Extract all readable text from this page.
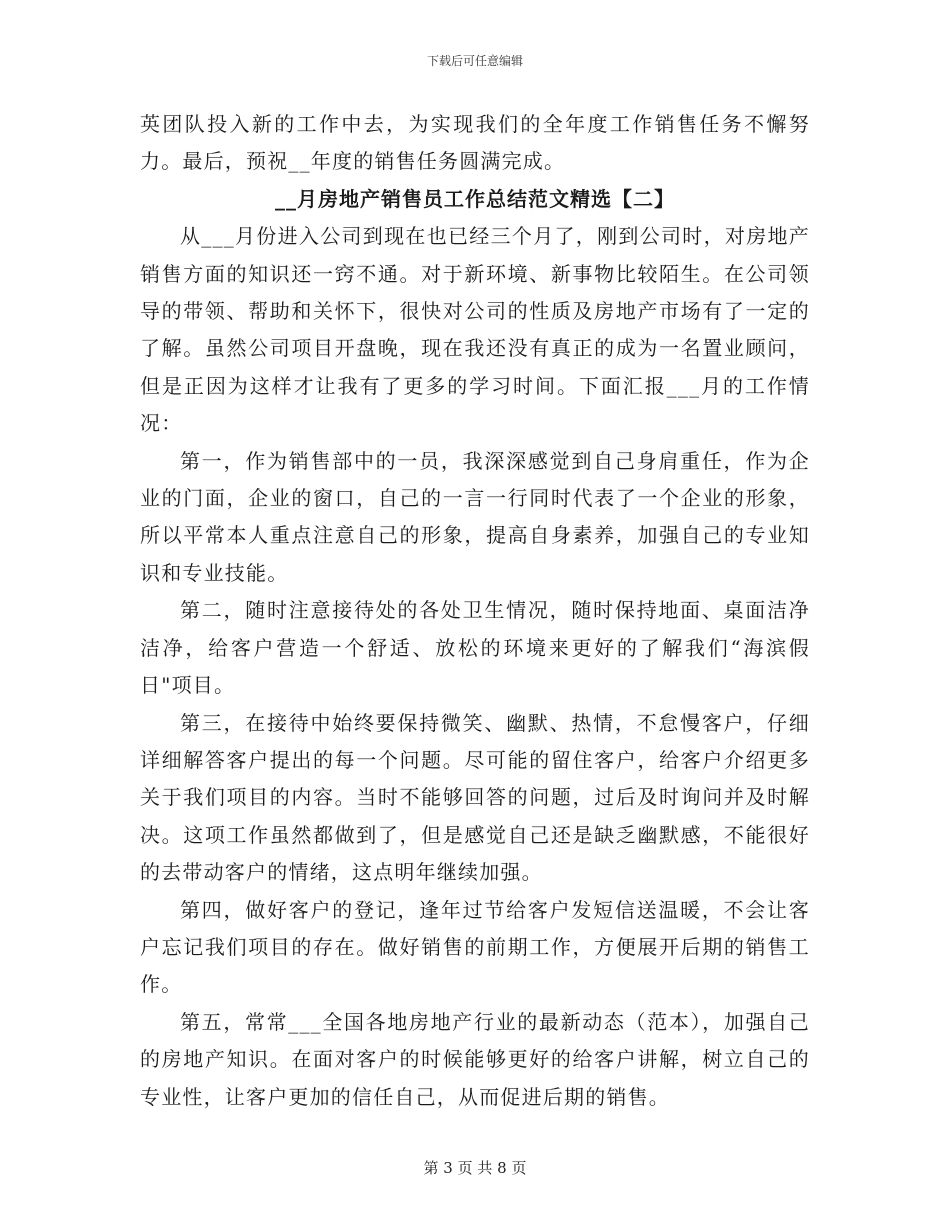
下载后可任意编辑

英团队投入新的工作中去，为实现我们的全年度工作销售任务不懈努力。最后，预祝__年度的销售任务圆满完成。

__月房地产销售员工作总结范文精选【二】

从___月份进入公司到现在也已经三个月了，刚到公司时，对房地产销售方面的知识还一窍不通。对于新环境、新事物比较陌生。在公司领导的带领、帮助和关怀下，很快对公司的性质及房地产市场有了一定的了解。虽然公司项目开盘晚，现在我还没有真正的成为一名置业顾问，但是正因为这样才让我有了更多的学习时间。下面汇报___月的工作情况：

第一，作为销售部中的一员，我深深感觉到自己身肩重任，作为企业的门面，企业的窗口，自己的一言一行同时代表了一个企业的形象，所以平常本人重点注意自己的形象，提高自身素养，加强自己的专业知识和专业技能。

第二，随时注意接待处的各处卫生情况，随时保持地面、桌面洁净洁净，给客户营造一个舒适、放松的环境来更好的了解我们“海滨假日"项目。

第三，在接待中始终要保持微笑、幽默、热情，不怠慢客户，仔细详细解答客户提出的每一个问题。尽可能的留住客户，给客户介绍更多关于我们项目的内容。当时不能够回答的问题，过后及时询问并及时解决。这项工作虽然都做到了，但是感觉自己还是缺乏幽默感，不能很好的去带动客户的情绪，这点明年继续加强。

第四，做好客户的登记，逢年过节给客户发短信送温暖，不会让客户忘记我们项目的存在。做好销售的前期工作，方便展开后期的销售工作。

第五，常常___全国各地房地产行业的最新动态（范本），加强自己的房地产知识。在面对客户的时候能够更好的给客户讲解，树立自己的专业性，让客户更加的信任自己，从而促进后期的销售。

第 3 页 共 8 页
